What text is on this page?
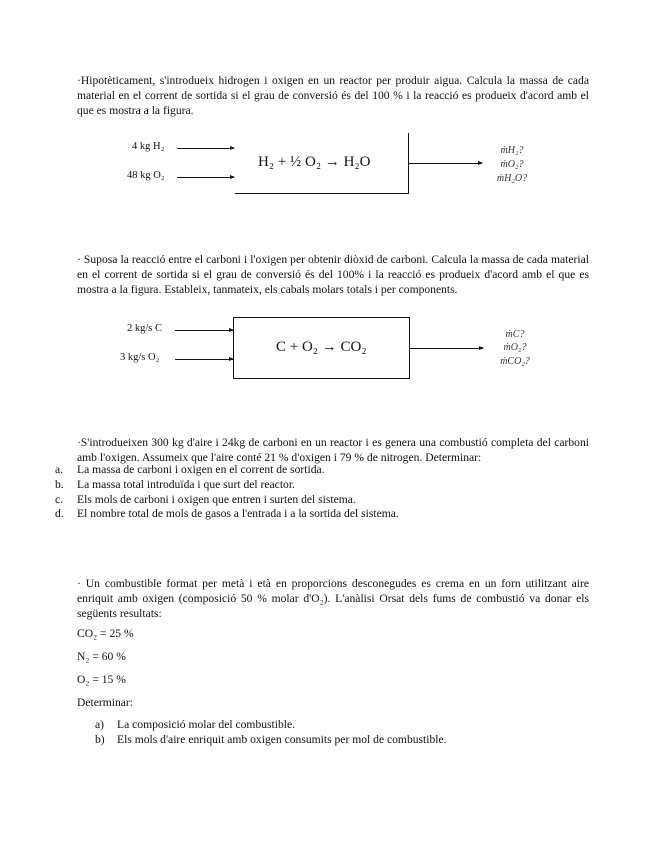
·Hipotèticament, s'introdueix hidrogen i oxigen en un reactor per produir aigua. Calcula la massa de cada material en el corrent de sortida si el grau de conversió és del 100 % i la reacció es produeix d'acord amb el que es mostra a la figura.
4 kg H₂
48 kg O₂
H₂ + ½ O₂ → H₂O
ṁH₂?
ṁO₂?
ṁH₂O?
· Suposa la reacció entre el carboni i l'oxigen per obtenir diòxid de carboni. Calcula la massa de cada material en el corrent de sortida si el grau de conversió és del 100% i la reacció es produeix d'acord amb el que es mostra a la figura. Estableix, tanmateix, els cabals molars totals i per components.
2 kg/s C
3 kg/s O₂
C + O₂ → CO₂
ṁC?
ṁO₂?
ṁCO₂?
·S'introdueixen 300 kg d'aire i 24kg de carboni en un reactor i es genera una combustió completa del carboni amb l'oxigen. Assumeix que l'aire conté 21 % d'oxigen i 79 % de nitrogen. Determinar:
a. La massa de carboni i oxigen en el corrent de sortida.
b. La massa total introduïda i que surt del reactor.
c. Els mols de carboni i oxigen que entren i surten del sistema.
d. El nombre total de mols de gasos a l'entrada i a la sortida del sistema.
· Un combustible format per metà i età en proporcions desconegudes es crema en un forn utilitzant aire enriquit amb oxigen (composició 50 % molar d'O₂). L'anàlisi Orsat dels fums de combustió va donar els següents resultats:
CO₂ = 25 %
N₂ = 60 %
O₂ = 15 %
Determinar:
a) La composició molar del combustible.
b) Els mols d'aire enriquit amb oxigen consumits per mol de combustible.
